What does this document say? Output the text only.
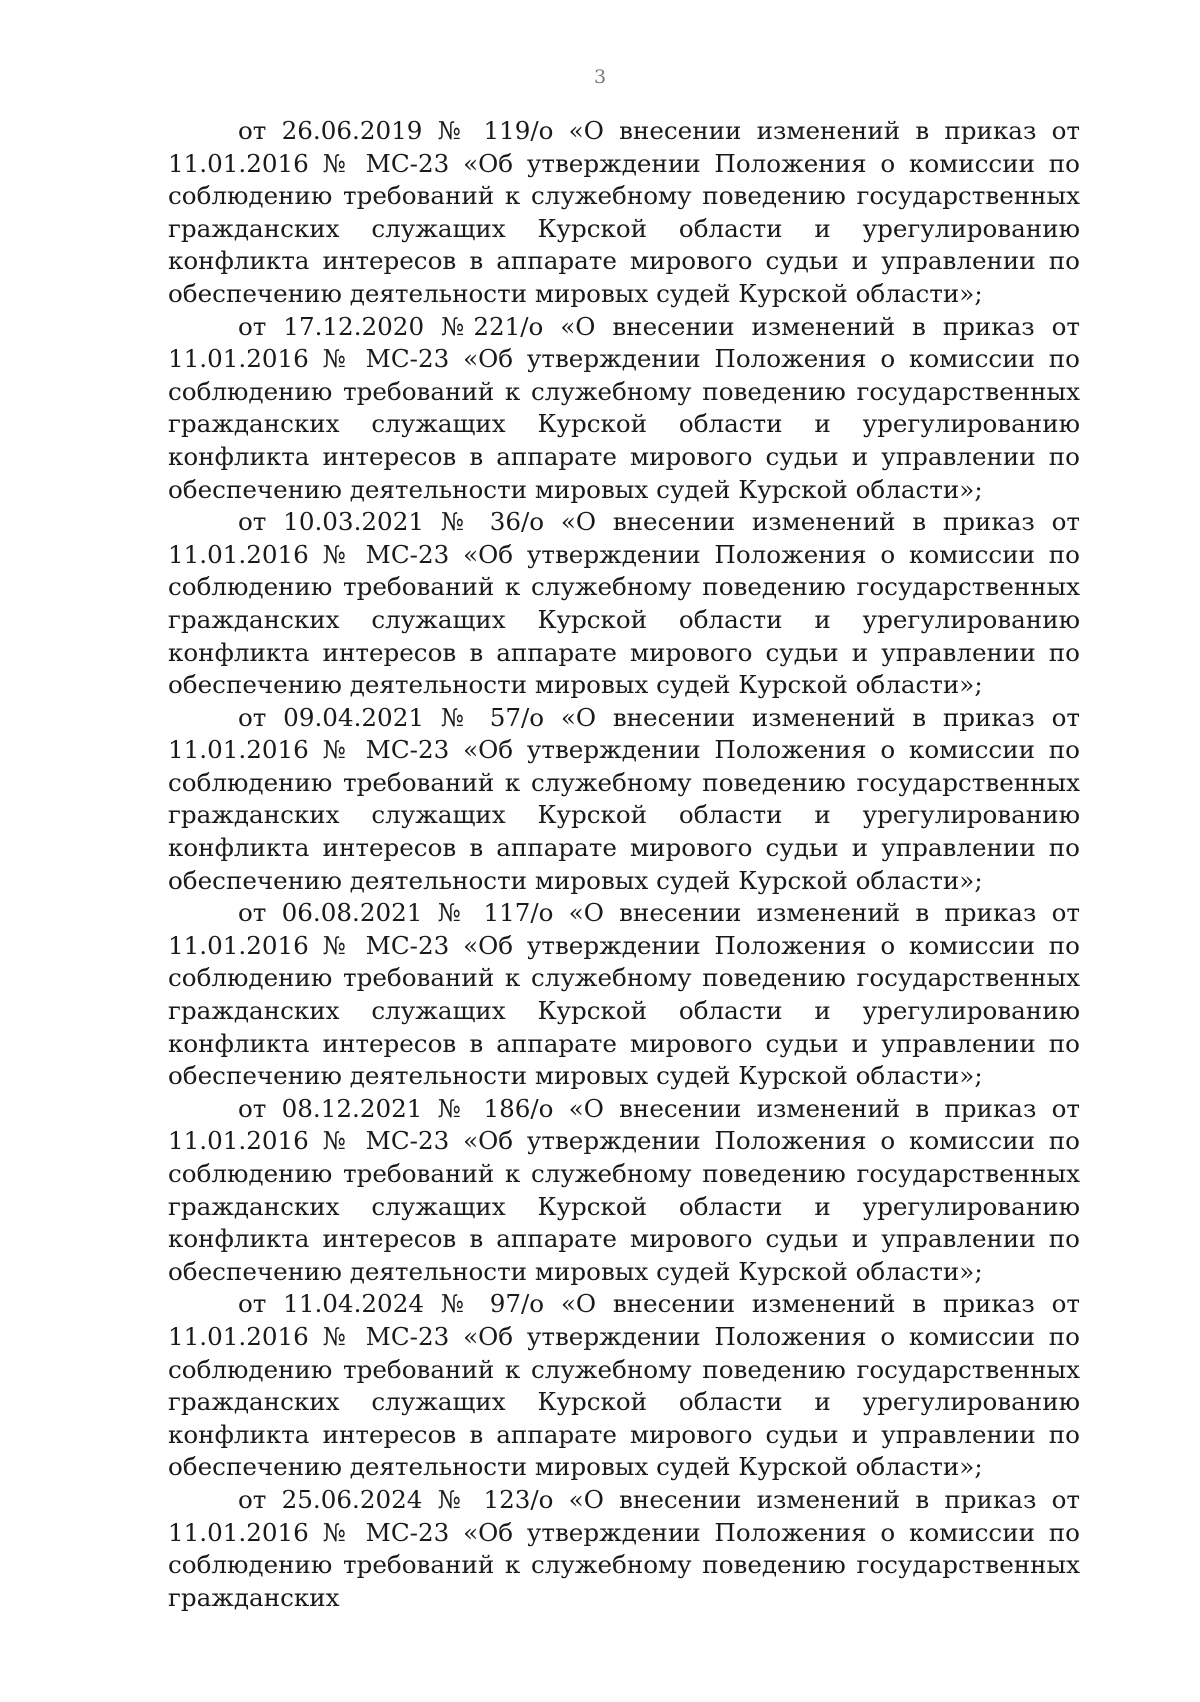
3

от 26.06.2019 № 119/о «О внесении изменений в приказ от 11.01.2016 № МС-23 «Об утверждении Положения о комиссии по соблюдению требований к служебному поведению государственных гражданских служащих Курской области и урегулированию конфликта интересов в аппарате мирового судьи и управлении по обеспечению деятельности мировых судей Курской области»;

от 17.12.2020 №221/о «О внесении изменений в приказ от 11.01.2016 № МС-23 «Об утверждении Положения о комиссии по соблюдению требований к служебному поведению государственных гражданских служащих Курской области и урегулированию конфликта интересов в аппарате мирового судьи и управлении по обеспечению деятельности мировых судей Курской области»;

от 10.03.2021 № 36/о «О внесении изменений в приказ от 11.01.2016 № МС-23 «Об утверждении Положения о комиссии по соблюдению требований к служебному поведению государственных гражданских служащих Курской области и урегулированию конфликта интересов в аппарате мирового судьи и управлении по обеспечению деятельности мировых судей Курской области»;

от 09.04.2021 № 57/о «О внесении изменений в приказ от 11.01.2016 № МС-23 «Об утверждении Положения о комиссии по соблюдению требований к служебному поведению государственных гражданских служащих Курской области и урегулированию конфликта интересов в аппарате мирового судьи и управлении по обеспечению деятельности мировых судей Курской области»;

от 06.08.2021 № 117/о «О внесении изменений в приказ от 11.01.2016 № МС-23 «Об утверждении Положения о комиссии по соблюдению требований к служебному поведению государственных гражданских служащих Курской области и урегулированию конфликта интересов в аппарате мирового судьи и управлении по обеспечению деятельности мировых судей Курской области»;

от 08.12.2021 № 186/о «О внесении изменений в приказ от 11.01.2016 № МС-23 «Об утверждении Положения о комиссии по соблюдению требований к служебному поведению государственных гражданских служащих Курской области и урегулированию конфликта интересов в аппарате мирового судьи и управлении по обеспечению деятельности мировых судей Курской области»;

от 11.04.2024 № 97/о «О внесении изменений в приказ от 11.01.2016 № МС-23 «Об утверждении Положения о комиссии по соблюдению требований к служебному поведению государственных гражданских служащих Курской области и урегулированию конфликта интересов в аппарате мирового судьи и управлении по обеспечению деятельности мировых судей Курской области»;

от 25.06.2024 № 123/о «О внесении изменений в приказ от 11.01.2016 № МС-23 «Об утверждении Положения о комиссии по соблюдению требований к служебному поведению государственных гражданских
